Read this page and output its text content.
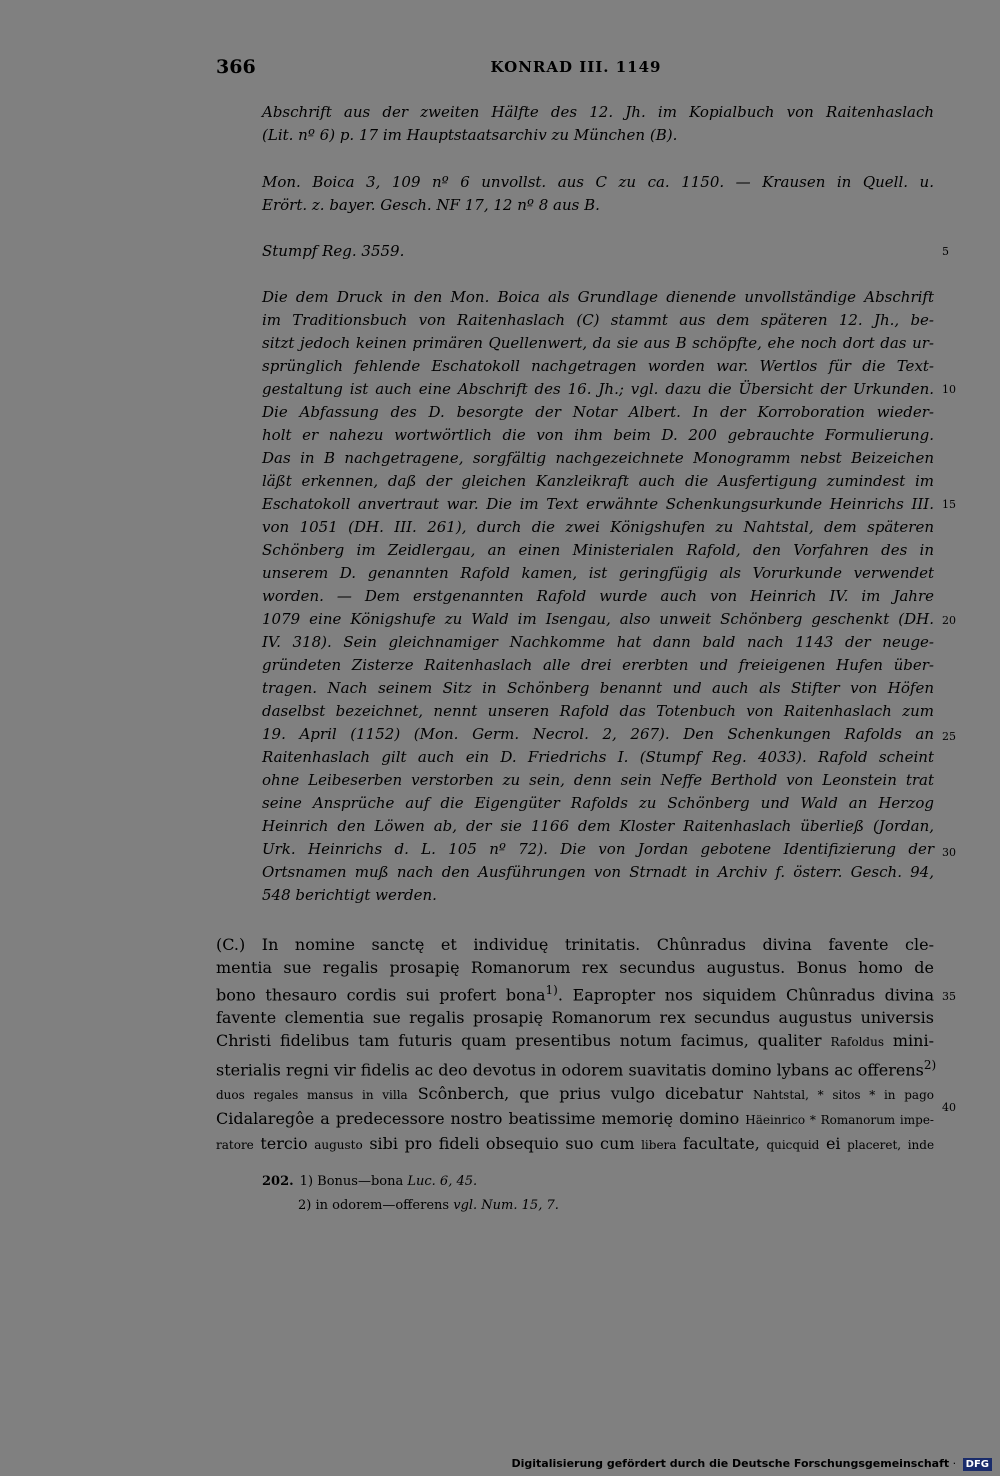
366	KONRAD III. 1149
Abschrift aus der zweiten Hälfte des 12. Jh. im Kopialbuch von Raitenhaslach
(Lit. nº 6) p. 17 im Hauptstaatsarchiv zu München (B).
Mon. Boica 3, 109 nº 6 unvollst. aus C zu ca. 1150. — Krausen in Quell. u.
Erört. z. bayer. Gesch. NF 17, 12 nº 8 aus B.
Stumpf Reg. 3559.
Die dem Druck in den Mon. Boica als Grundlage dienende unvollständige Abschrift
im Traditionsbuch von Raitenhaslach (C) stammt aus dem späteren 12. Jh., be-
sitzt jedoch keinen primären Quellenwert, da sie aus B schöpfte, ehe noch dort das ur-
sprünglich fehlende Eschatokoll nachgetragen worden war. Wertlos für die Text-
gestaltung ist auch eine Abschrift des 16. Jh.; vgl. dazu die Übersicht der Urkunden.
Die Abfassung des D. besorgte der Notar Albert. In der Korroboration wieder-
holt er nahezu wortwörtlich die von ihm beim D. 200 gebrauchte Formulierung.
Das in B nachgetragene, sorgfältig nachgezeichnete Monogramm nebst Beizeichen
läßt erkennen, daß der gleichen Kanzleikraft auch die Ausfertigung zumindest im
Eschatokoll anvertraut war. Die im Text erwähnte Schenkungsurkunde Heinrichs III.
von 1051 (DH. III. 261), durch die zwei Königshufen zu Nahtstal, dem späteren
Schönberg im Zeidlergau, an einen Ministerialen Rafold, den Vorfahren des in
unserem D. genannten Rafold kamen, ist geringfügig als Vorurkunde verwendet
worden. — Dem erstgenannten Rafold wurde auch von Heinrich IV. im Jahre
1079 eine Königshufe zu Wald im Isengau, also unweit Schönberg geschenkt (DH.
IV. 318). Sein gleichnamiger Nachkomme hat dann bald nach 1143 der neuge-
gründeten Zisterze Raitenhaslach alle drei ererbten und freieigenen Hufen über-
tragen. Nach seinem Sitz in Schönberg benannt und auch als Stifter von Höfen
daselbst bezeichnet, nennt unseren Rafold das Totenbuch von Raitenhaslach zum
19. April (1152) (Mon. Germ. Necrol. 2, 267). Den Schenkungen Rafolds an
Raitenhaslach gilt auch ein D. Friedrichs I. (Stumpf Reg. 4033). Rafold scheint
ohne Leibeserben verstorben zu sein, denn sein Neffe Berthold von Leonstein trat
seine Ansprüche auf die Eigengüter Rafolds zu Schönberg und Wald an Herzog
Heinrich den Löwen ab, der sie 1166 dem Kloster Raitenhaslach überließ (Jordan,
Urk. Heinrichs d. L. 105 nº 72). Die von Jordan gebotene Identifizierung der
Ortsnamen muß nach den Ausführungen von Strnadt in Archiv f. österr. Gesch. 94,
548 berichtigt werden.
(C.) In nomine sanctę et individuę trinitatis. Chûnradus divina favente cle-
mentia sue regalis prosapię Romanorum rex secundus augustus. Bonus homo de
bono thesauro cordis sui profert bona$^{1)}$. Eapropter nos siquidem Chûnradus divina
favente clementia sue regalis prosapię Romanorum rex secundus augustus universis
Christi fidelibus tam futuris quam presentibus notum facimus, qualiter Rafoldus mini-
sterialis regni vir fidelis ac deo devotus in odorem suavitatis domino lybans ac offerens$^{2)}$
duos regales mansus in villa Scônberch, que prius vulgo dicebatur Nahtstal, * sitos * in pago
Cidalaregôe a predecessore nostro beatissime memorię domino Häeinrico * Romanorum impe-
ratore tercio augusto sibi pro fideli obsequio suo cum libera facultate, quicquid ei placeret, inde
5
10
15
20
25
30
35
40
202. 1) Bonus—bona Luc. 6, 45.
2) in odorem—offerens vgl. Num. 15, 7.
Digitalisierung gefördert durch die Deutsche Forschungsgemeinschaft · DFG
